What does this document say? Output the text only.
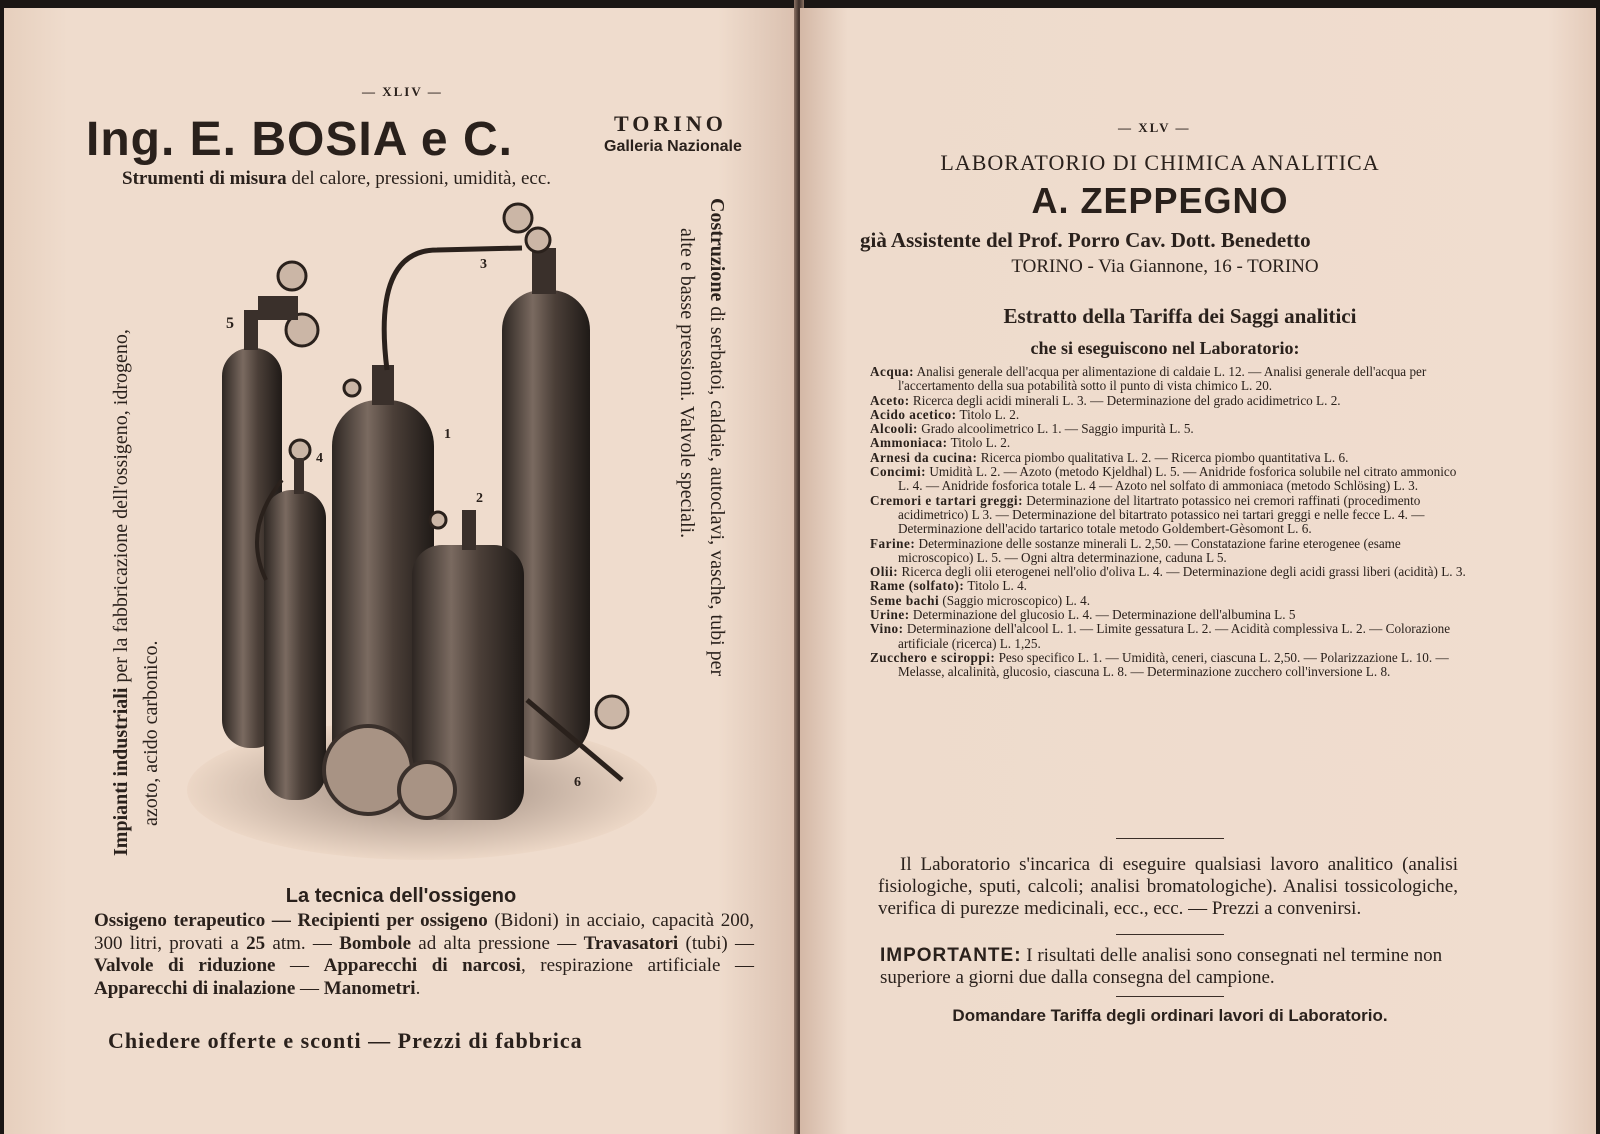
— XLIV —
Ing. E. BOSIA e C.	TORINO
Galleria Nazionale
Strumenti di misura del calore, pressioni, umidità, ecc.
Impianti industriali per la fabbricazione dell'ossigeno, idrogeno,
azoto, acido carbonico.
Costruzione di serbatoi, caldaie, autoclavi, vasche, tubi per
alte e basse pressioni. Valvole speciali.
5
4
1
2
3
6
La tecnica dell'ossigeno
Ossigeno terapeutico — Recipienti per ossigeno (Bidoni) in acciaio, capacità 200, 300 litri, provati a 25 atm. — Bombole ad alta pressione — Travasatori (tubi) — Valvole di riduzione — Apparecchi di narcosi, respirazione artificiale — Apparecchi di inalazione — Manometri.
Chiedere offerte e sconti — Prezzi di fabbrica
— XLV —
LABORATORIO DI CHIMICA ANALITICA
A. ZEPPEGNO
già Assistente del Prof. Porro Cav. Dott. Benedetto
TORINO - Via Giannone, 16 - TORINO
Estratto della Tariffa dei Saggi analitici
che si eseguiscono nel Laboratorio:

Acqua: Analisi generale dell'acqua per alimentazione di caldaie L. 12. — Analisi generale dell'acqua per l'accertamento della sua potabilità sotto il punto di vista chimico L. 20.

Aceto: Ricerca degli acidi minerali L. 3. — Determinazione del grado acidimetrico L. 2.

Acido acetico: Titolo L. 2.

Alcooli: Grado alcoolimetrico L. 1. — Saggio impurità L. 5.

Ammoniaca: Titolo L. 2.

Arnesi da cucina: Ricerca piombo qualitativa L. 2. — Ricerca piombo quantitativa L. 6.

Concimi: Umidità L. 2. — Azoto (metodo Kjeldhal) L. 5. — Anidride fosforica solubile nel citrato ammonico L. 4. — Anidride fosforica totale L. 4 — Azoto nel solfato di ammoniaca (metodo Schlösing) L. 3.

Cremori e tartari greggi: Determinazione del litartrato potassico nei cremori raffinati (procedimento acidimetrico) L 3. — Determinazione del bitartrato potassico nei tartari greggi e nelle fecce L. 4. — Determinazione dell'acido tartarico totale metodo Goldembert-Gèsomont L. 6.

Farine: Determinazione delle sostanze minerali L. 2,50. — Constatazione farine eterogenee (esame microscopico) L. 5. — Ogni altra determinazione, caduna L 5.

Olii: Ricerca degli olii eterogenei nell'olio d'oliva L. 4. — Determinazione degli acidi grassi liberi (acidità) L. 3.

Rame (solfato): Titolo L. 4.

Seme bachi (Saggio microscopico) L. 4.

Urine: Determinazione del glucosio L. 4. — Determinazione dell'albumina L. 5

Vino: Determinazione dell'alcool L. 1. — Limite gessatura L. 2. — Acidità complessiva L. 2. — Colorazione artificiale (ricerca) L. 1,25.

Zucchero e sciroppi: Peso specifico L. 1. — Umidità, ceneri, ciascuna L. 2,50. — Polarizzazione L. 10. — Melasse, alcalinità, glucosio, ciascuna L. 8. — Determinazione zucchero coll'inversione L. 8.

Il Laboratorio s'incarica di eseguire qualsiasi lavoro analitico (analisi fisiologiche, sputi, calcoli; analisi bromatologiche). Analisi tossicologiche, verifica di purezze medicinali, ecc., ecc. — Prezzi a convenirsi.
IMPORTANTE: I risultati delle analisi sono consegnati nel termine non superiore a giorni due dalla consegna del campione.
Domandare Tariffa degli ordinari lavori di Laboratorio.
